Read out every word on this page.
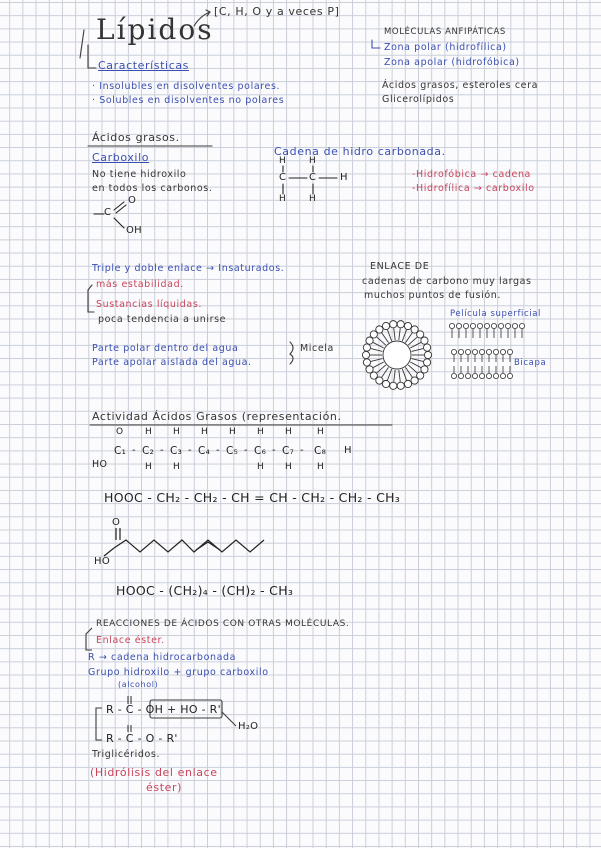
Lípidos
[C, H, O y a veces P]
Características
· Insolubles en disolventes polares.
· Solubles en disolventes no polares
MOLÉCULAS ANFIPÁTICAS
Zona polar (hidrofílica)
Zona apolar (hidrofóbica)
Ácidos grasos, esteroles cera
Glicerolípidos
Ácidos grasos.
Carboxilo
No tiene hidroxilo
en todos los carbonos.
O
C
OH
Cadena de hidro carbonada.
H	H
C C H
H	H
-Hidrofóbica → cadena
-Hidrofílica → carboxilo
Triple y doble enlace → Insaturados.
más estabilidad.
Sustancias líquidas.
poca tendencia a unirse
ENLACE DE
cadenas de carbono muy largas
muchos puntos de fusión.
Película superficial
Bicapa
Parte polar dentro del agua
Parte apolar aislada del agua.
Micela
Actividad Ácidos Grasos (representación.
C₁
O
- C₂
H
H
- C₃
H
H
- C₄
H
- C₅
H
- C₆
H
H
- C₇
H
H
- C₈
H
H
HO
H
HOOC - CH₂ - CH₂ - CH = CH - CH₂ - CH₂ - CH₃
O
HO
HOOC - (CH₂)₄ - (CH)₂ - CH₃
REACCIONES DE ÁCIDOS CON OTRAS MOLÉCULAS.
Enlace éster.
R → cadena hidrocarbonada
Grupo hidroxilo + grupo carboxilo
(alcohol)
R - C - OH + HO - R'
H₂O
R - C - O - R'
Triglicéridos.
(Hidrólisis del enlace
éster)
